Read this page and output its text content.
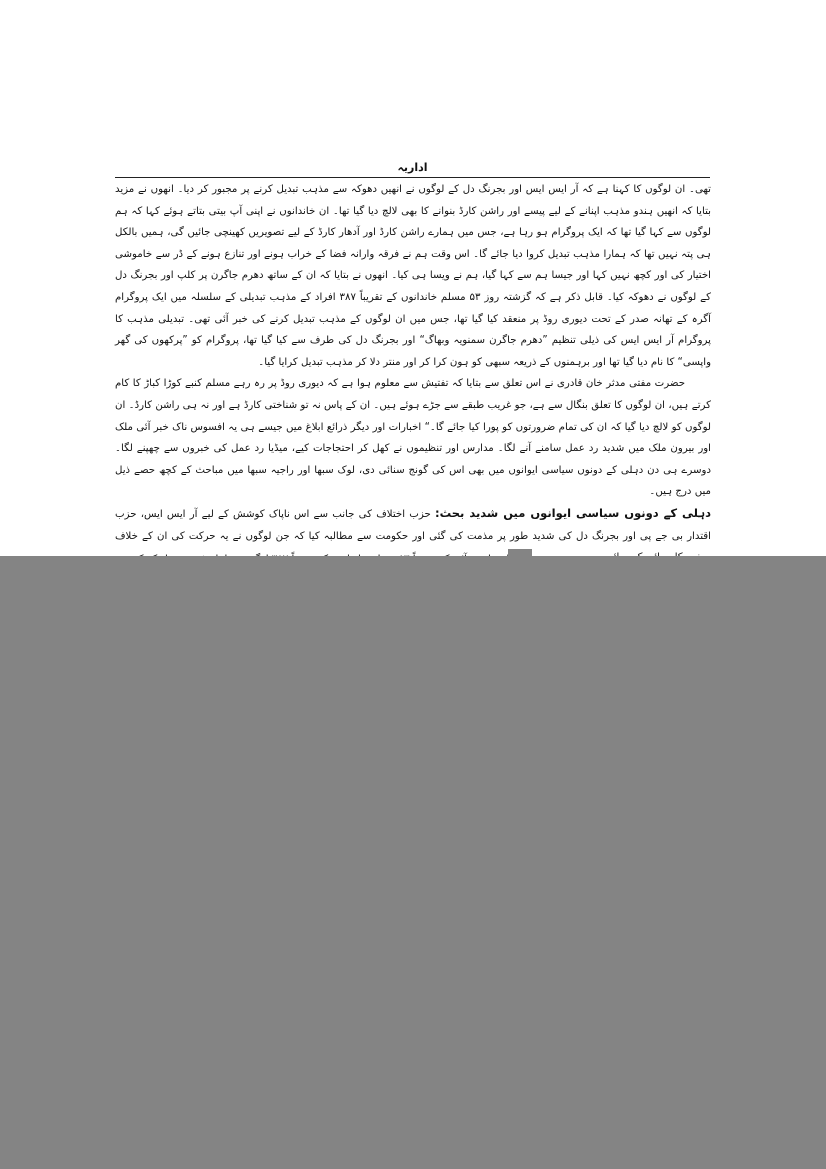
اداریہ

تھی۔ ان لوگوں کا کہنا ہے کہ آر ایس ایس اور بجرنگ دل کے لوگوں نے انھیں دھوکہ سے مذہب تبدیل کرنے پر مجبور کر دیا۔ انھوں نے مزید بتایا کہ انھیں ہندو مذہب اپنانے کے لیے پیسے اور راشن کارڈ بنوانے کا بھی لالچ دیا گیا تھا۔ ان خاندانوں نے اپنی آپ بیتی بتاتے ہوئے کہا کہ ہم لوگوں سے کہا گیا تھا کہ ایک پروگرام ہو رہا ہے، جس میں ہمارے راشن کارڈ اور آدھار کارڈ کے لیے تصویریں کھینچی جائیں گی، ہمیں بالکل ہی پتہ نہیں تھا کہ ہمارا مذہب تبدیل کروا دیا جائے گا۔ اس وقت ہم نے فرقہ وارانہ فضا کے خراب ہونے اور تنازع ہونے کے ڈر سے خاموشی اختیار کی اور کچھ نہیں کہا اور جیسا ہم سے کہا گیا، ہم نے ویسا ہی کیا۔ انھوں نے بتایا کہ ان کے ساتھ دھرم جاگرن پر کلپ اور بجرنگ دل کے لوگوں نے دھوکہ کیا۔ قابل ذکر ہے کہ گزشتہ روز ۵۳ مسلم خاندانوں کے تقریباً ۳۸۷ افراد کے مذہب تبدیلی کے سلسلہ میں ایک پروگرام آگرہ کے تھانہ صدر کے تحت دیوری روڈ پر منعقد کیا گیا تھا، جس میں ان لوگوں کے مذہب تبدیل کرنے کی خبر آئی تھی۔ تبدیلی مذہب کا پروگرام آر ایس ایس کی ذیلی تنظیم ”دھرم جاگرن سمنویہ وبھاگ“ اور بجرنگ دل کی طرف سے کیا گیا تھا، پروگرام کو ”پرکھوں کی گھر واپسی“ کا نام دیا گیا تھا اور برہمنوں کے ذریعہ سبھی کو ہون کرا کر اور منتر دلا کر مذہب تبدیل کرایا گیا۔

حضرت مفتی مدثر خان قادری نے اس تعلق سے بتایا کہ تفتیش سے معلوم ہوا ہے کہ دیوری روڈ پر رہ رہے مسلم کنبے کوڑا کباڑ کا کام کرتے ہیں، ان لوگوں کا تعلق بنگال سے ہے، جو غریب طبقے سے جڑے ہوئے ہیں۔ ان کے پاس نہ تو شناختی کارڈ ہے اور نہ ہی راشن کارڈ۔ ان لوگوں کو لالچ دیا گیا کہ ان کی تمام ضرورتوں کو پورا کیا جائے گا۔“ اخبارات اور دیگر ذرائع ابلاغ میں جیسے ہی یہ افسوس ناک خبر آئی ملک اور بیرون ملک میں شدید رد عمل سامنے آنے لگا۔ مدارس اور تنظیموں نے کھل کر احتجاجات کیے، میڈیا رد عمل کی خبروں سے چھپنے لگا۔ دوسرے ہی دن دہلی کے دونوں سیاسی ایوانوں میں بھی اس کی گونج سنائی دی، لوک سبھا اور راجیہ سبھا میں مباحث کے کچھ حصے ذیل میں درج ہیں۔

دہلی کے دونوں سیاسی ایوانوں میں شدید بحث: حزب اختلاف کی جانب سے اس ناپاک کوشش کے لیے آر ایس ایس، حزب اقتدار بی جے پی اور بجرنگ دل کی شدید طور پر مذمت کی گئی اور حکومت سے مطالبہ کیا کہ جن لوگوں نے یہ حرکت کی ان کے خلاف
